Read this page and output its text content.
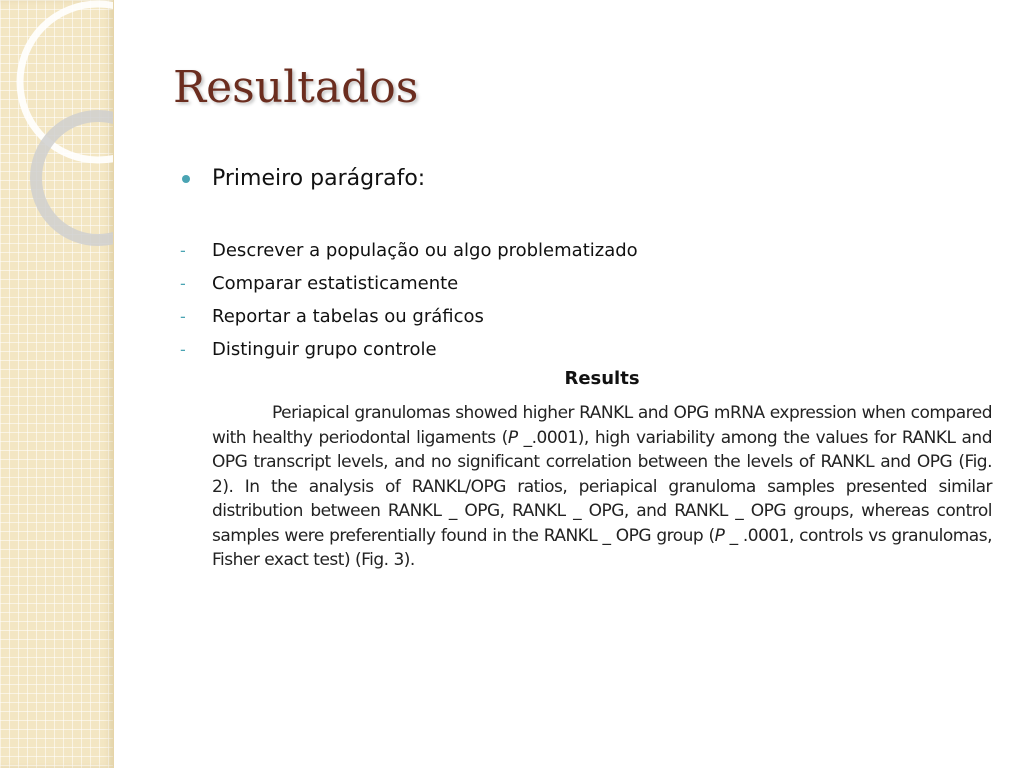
Resultados
Primeiro parágrafo:
-	Descrever a população ou algo problematizado
-	Comparar estatisticamente
-	Reportar a tabelas ou gráficos
-	Distinguir grupo controle
Results

Periapical granulomas showed higher RANKL and OPG mRNA expression when compared with healthy periodontal ligaments (P _.0001), high variability among the values for RANKL and OPG transcript levels, and no significant correlation between the levels of RANKL and OPG (Fig. 2). In the analysis of RANKL/OPG ratios, periapical granuloma samples presented similar distribution between RANKL _ OPG, RANKL _ OPG, and RANKL _ OPG groups, whereas control samples were preferentially found in the RANKL _ OPG group (P _ .0001, controls vs granulomas, Fisher exact test) (Fig. 3).
